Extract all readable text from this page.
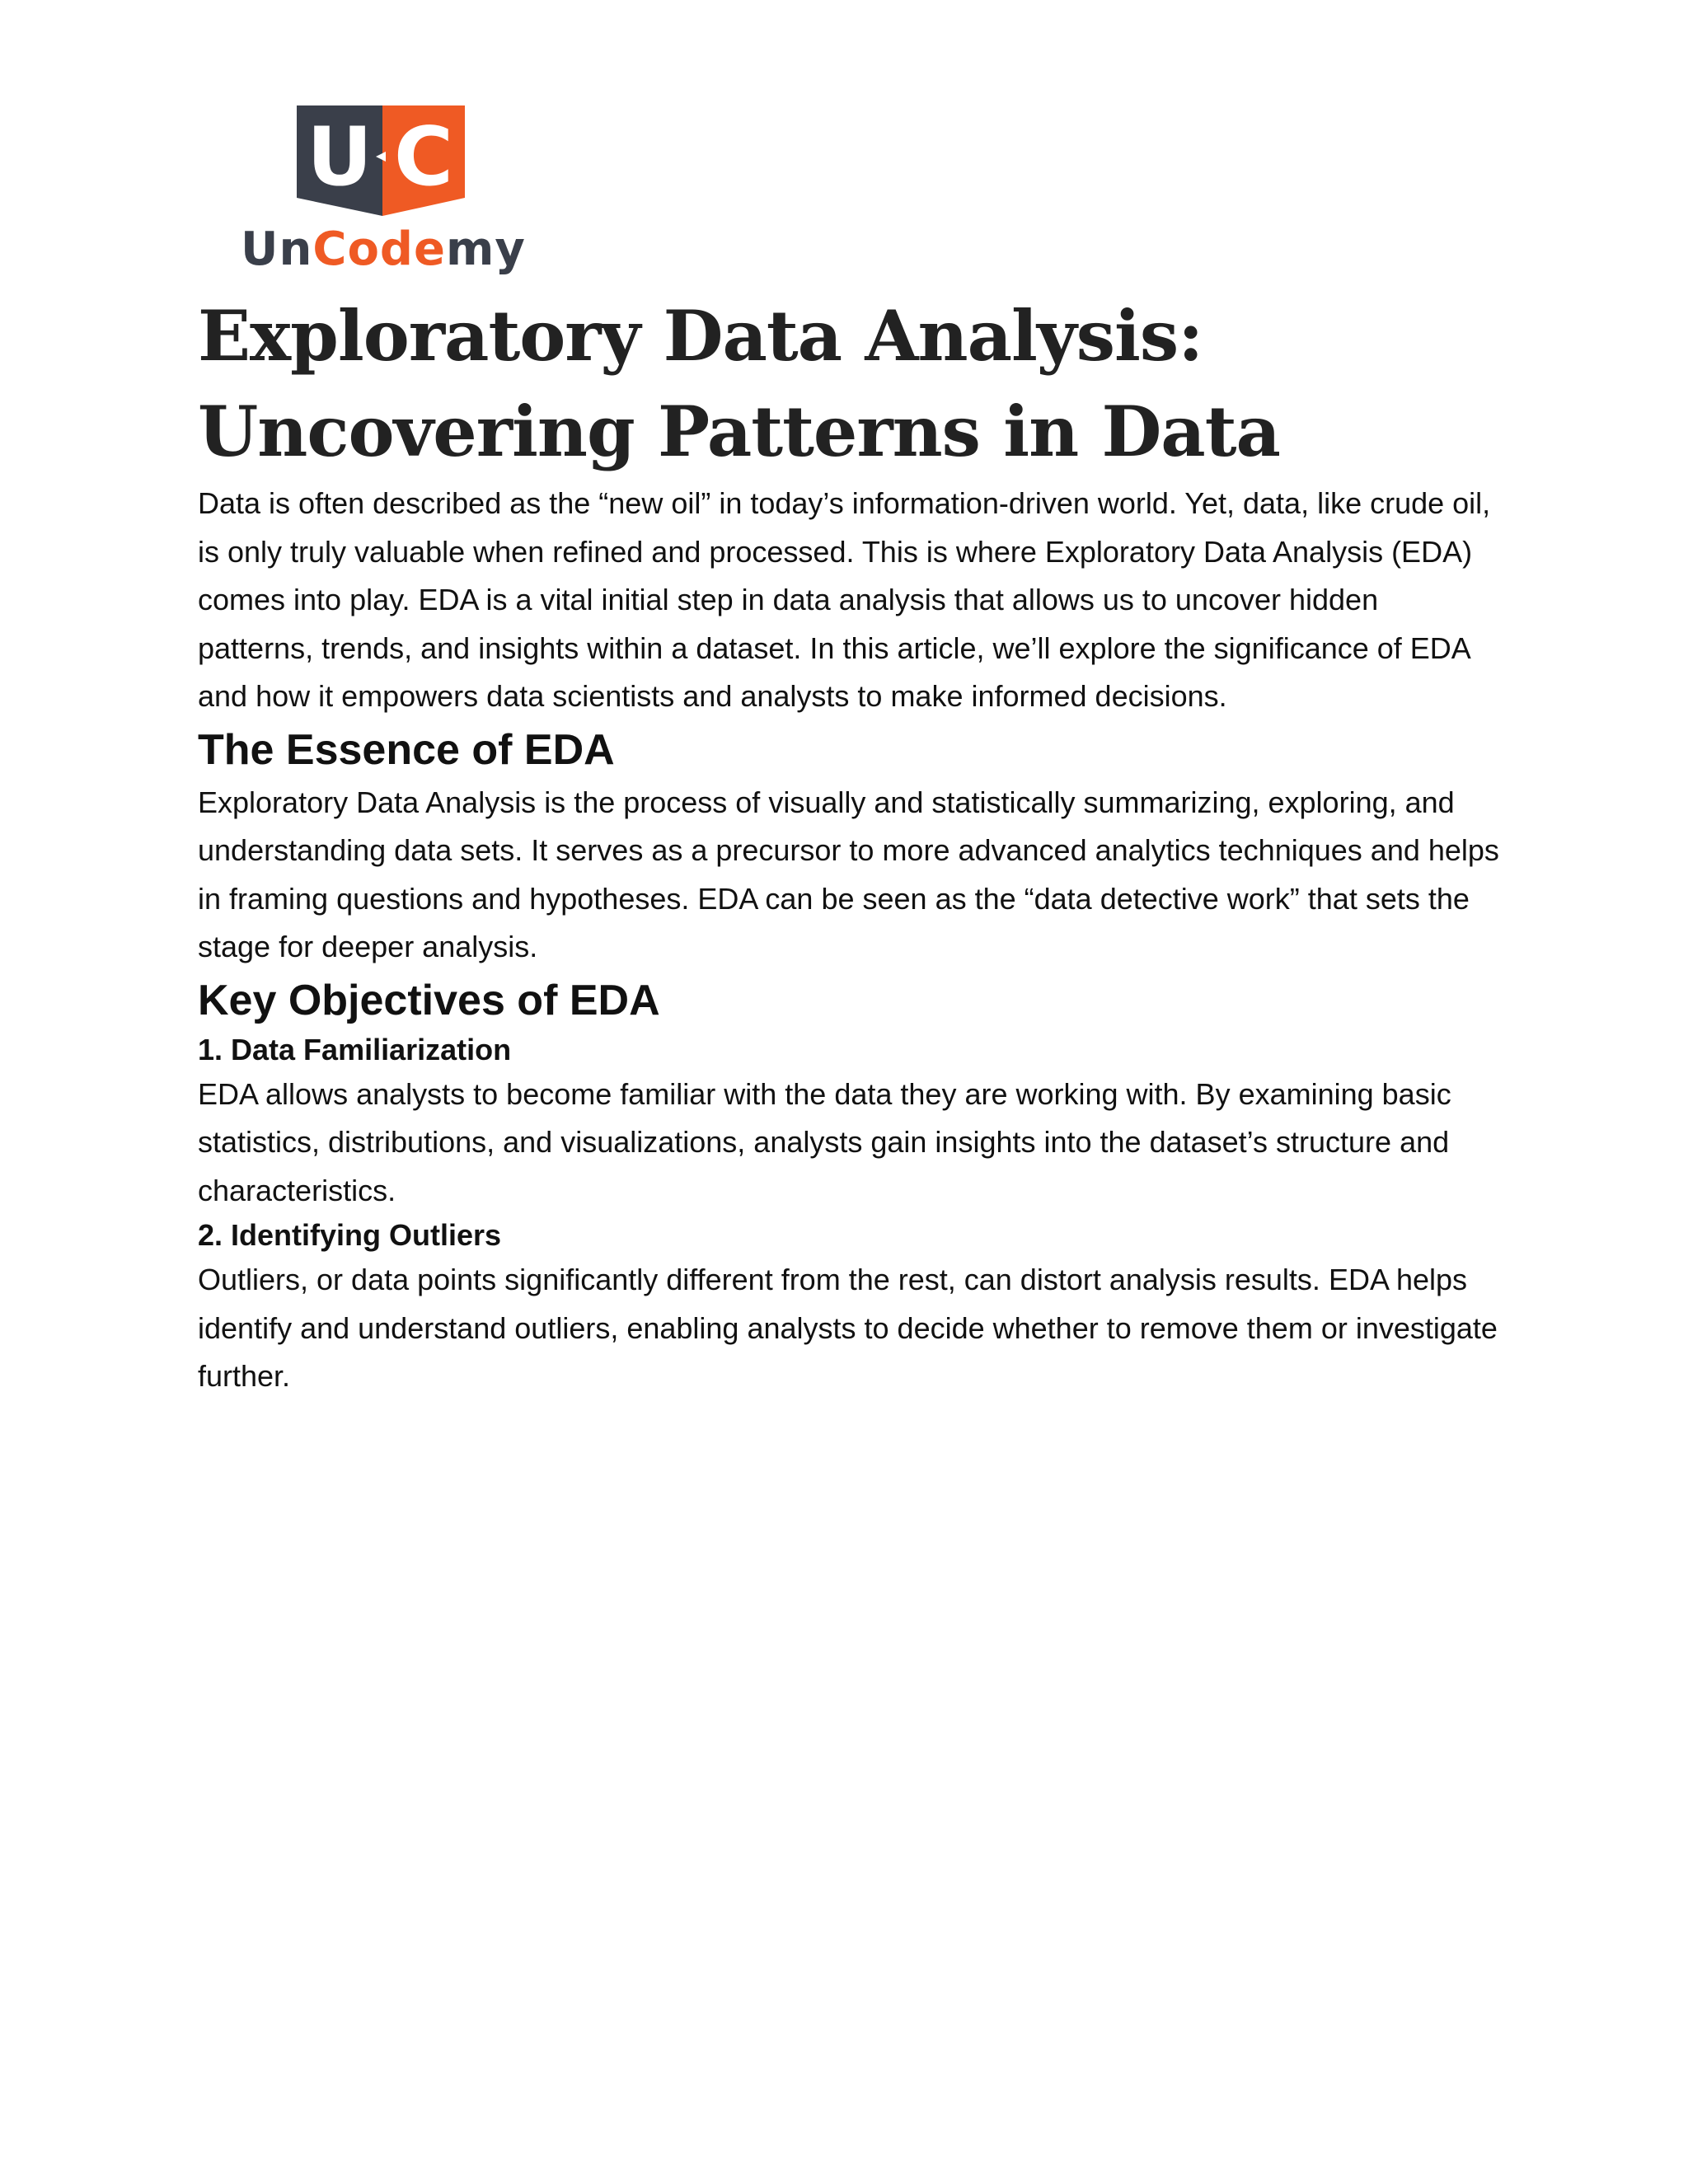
U C
UnCodemy
Exploratory Data Analysis: Uncovering Patterns in Data

Data is often described as the “new oil” in today’s information-driven world. Yet, data, like crude oil, is only truly valuable when refined and processed. This is where Exploratory Data Analysis (EDA) comes into play. EDA is a vital initial step in data analysis that allows us to uncover hidden patterns, trends, and insights within a dataset. In this article, we’ll explore the significance of EDA and how it empowers data scientists and analysts to make informed decisions.

The Essence of EDA

Exploratory Data Analysis is the process of visually and statistically summarizing, exploring, and understanding data sets. It serves as a precursor to more advanced analytics techniques and helps in framing questions and hypotheses. EDA can be seen as the “data detective work” that sets the stage for deeper analysis.

Key Objectives of EDA
1. Data Familiarization

EDA allows analysts to become familiar with the data they are working with. By examining basic statistics, distributions, and visualizations, analysts gain insights into the dataset’s structure and characteristics.

2. Identifying Outliers

Outliers, or data points significantly different from the rest, can distort analysis results. EDA helps identify and understand outliers, enabling analysts to decide whether to remove them or investigate further.
